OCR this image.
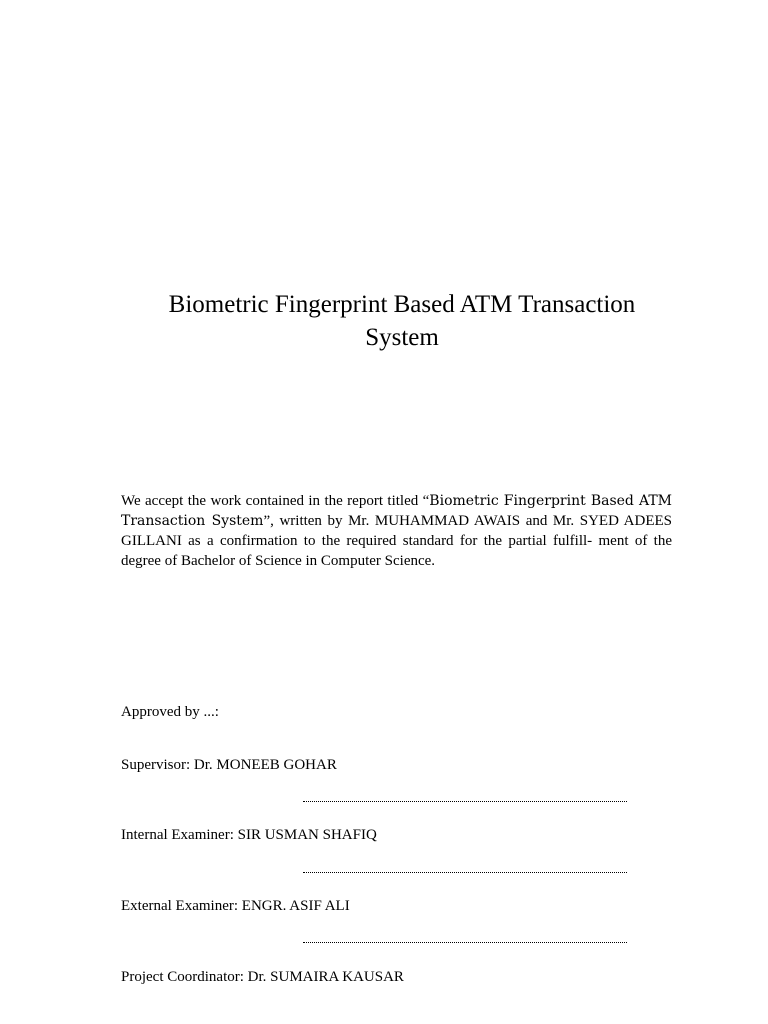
Biometric Fingerprint Based ATM Transaction
System

We accept the work contained in the report titled “Biometric Fingerprint Based ATM Transaction System”, written by Mr. MUHAMMAD AWAIS and Mr. SYED ADEES GILLANI as a confirmation to the required standard for the partial fulfill- ment of the degree of Bachelor of Science in Computer Science.

Approved by ...:
Supervisor: Dr. MONEEB GOHAR
Internal Examiner: SIR USMAN SHAFIQ
External Examiner: ENGR. ASIF ALI
Project Coordinator: Dr. SUMAIRA KAUSAR
